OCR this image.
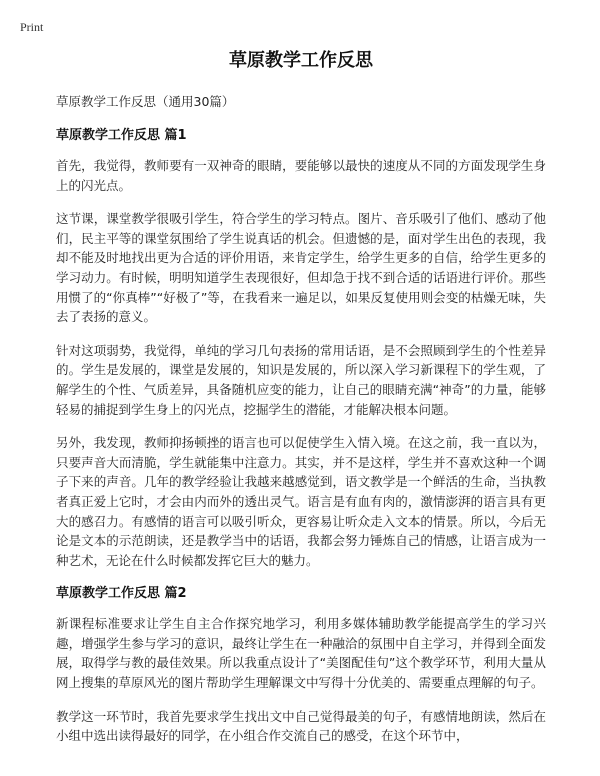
Print
草原教学工作反思
草原教学工作反思（通用30篇）
草原教学工作反思 篇1

首先，我觉得，教师要有一双神奇的眼睛，要能够以最快的速度从不同的方面发现学生身上的闪光点。

这节课，课堂教学很吸引学生，符合学生的学习特点。图片、音乐吸引了他们、感动了他们，民主平等的课堂氛围给了学生说真话的机会。但遗憾的是，面对学生出色的表现，我却不能及时地找出更为合适的评价用语，来肯定学生，给学生更多的自信，给学生更多的学习动力。有时候，明明知道学生表现很好，但却急于找不到合适的话语进行评价。那些用惯了的“你真棒”“好极了”等，在我看来一遍足以，如果反复使用则会变的枯燥无味，失去了表扬的意义。

针对这项弱势，我觉得，单纯的学习几句表扬的常用话语，是不会照顾到学生的个性差异的。学生是发展的，课堂是发展的，知识是发展的，所以深入学习新课程下的学生观，了解学生的个性、气质差异，具备随机应变的能力，让自己的眼睛充满“神奇”的力量，能够轻易的捕捉到学生身上的闪光点，挖掘学生的潜能，才能解决根本问题。

另外，我发现，教师抑扬顿挫的语言也可以促使学生入情入境。在这之前，我一直以为，只要声音大而清脆，学生就能集中注意力。其实，并不是这样，学生并不喜欢这种一个调子下来的声音。几年的教学经验让我越来越感觉到，语文教学是一个鲜活的生命，当执教者真正爱上它时，才会由内而外的透出灵气。语言是有血有肉的，激情澎湃的语言具有更大的感召力。有感情的语言可以吸引听众，更容易让听众走入文本的情景。所以，今后无论是文本的示范朗读，还是教学当中的话语，我都会努力锤炼自己的情感，让语言成为一种艺术，无论在什么时候都发挥它巨大的魅力。

草原教学工作反思 篇2

新课程标准要求让学生自主合作探究地学习，利用多媒体辅助教学能提高学生的学习兴趣，增强学生参与学习的意识，最终让学生在一种融洽的氛围中自主学习，并得到全面发展，取得学与教的最佳效果。所以我重点设计了“美图配佳句”这个教学环节，利用大量从网上搜集的草原风光的图片帮助学生理解课文中写得十分优美的、需要重点理解的句子。

教学这一环节时，我首先要求学生找出文中自己觉得最美的句子，有感情地朗读，然后在小组中选出读得最好的同学，在小组合作交流自己的感受，在这个环节中，
